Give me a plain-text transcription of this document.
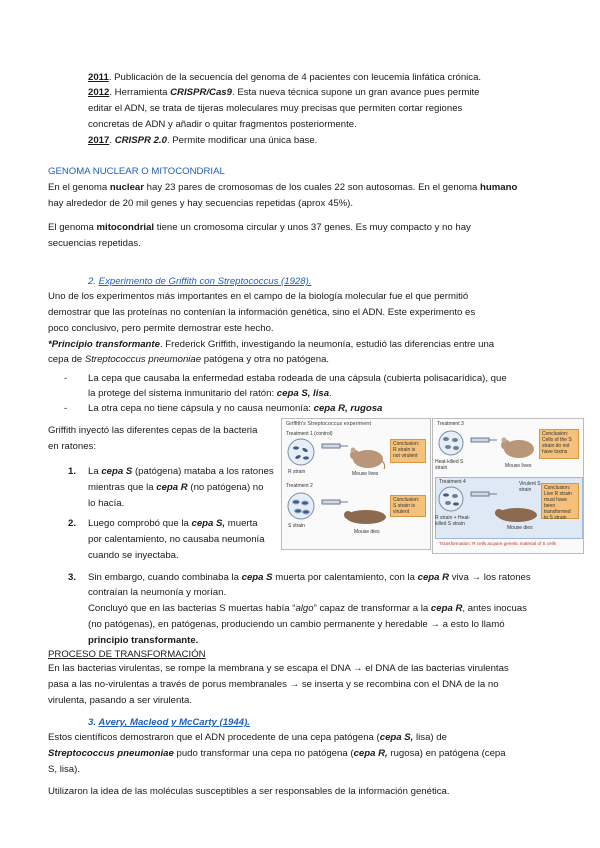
2011. Publicación de la secuencia del genoma de 4 pacientes con leucemia linfática crónica.

2012. Herramienta CRISPR/Cas9. Esta nueva técnica supone un gran avance pues permite

editar el ADN, se trata de tijeras moleculares muy precisas que permiten cortar regiones

concretas de ADN y añadir o quitar fragmentos posteriormente.

2017. CRISPR 2.0. Permite modificar una única base.

GENOMA NUCLEAR O MITOCONDRIAL

En el genoma nuclear hay 23 pares de cromosomas de los cuales 22 son autosomas. En el genoma humano

hay alrededor de 20 mil genes y hay secuencias repetidas (aprox 45%).

El genoma mitocondrial tiene un cromosoma circular y unos 37 genes. Es muy compacto y no hay

secuencias repetidas.

2. Experimento de Griffith con Streptococcus (1928).

Uno de los experimentos más importantes en el campo de la biología molecular fue el que permitió

demostrar que las proteínas no contenían la información genética, sino el ADN. Este experimento es

poco conclusivo, pero permite demostrar este hecho.

*Principio transformante. Frederick Griffith, investigando la neumonía, estudió las diferencias entre una

cepa de Streptococcus pneumoniae patógena y otra no patógena.

- La cepa que causaba la enfermedad estaba rodeada de una cápsula (cubierta polisacarídica), que

la protege del sistema inmunitario del ratón: cepa S, lisa.

- La otra cepa no tiene cápsula y no causa neumonía: cepa R, rugosa

Griffith inyectó las diferentes cepas de la bacteria

en ratones:

1. La cepa S (patógena) mataba a los ratones

mientras que la cepa R (no patógena) no

lo hacía.

2. Luego comprobó que la cepa S, muerta

por calentamiento, no causaba neumonía

cuando se inyectaba.

Griffith's Streptococcus experiment
Treatment 1 (control)
R strain	Mouse lives
Conclusion: R strain is not virulent
Treatment 2
S strain
Mouse dies
Conclusion: S strain is virulent
Treatment 3
Heat-killed S strain	Mouse lives
Conclusion: Cells of the S strain do not have toxins
Treatment 4
R strain + Heat-killed S strain
Mouse dies
Virulent S strain	Conclusion: Live R strain must have been transformed to S strain
Transformation: R cells acquire genetic material of S cells
3. Sin embargo, cuando combinaba la cepa S muerta por calentamiento, con la cepa R viva → los ratones

contraían la neumonía y morían.

Concluyó que en las bacterias S muertas había “algo” capaz de transformar a la cepa R, antes inocuas

(no patógenas), en patógenas, produciendo un cambio permanente y heredable → a esto lo llamó

principio transformante.

PROCESO DE TRANSFORMACIÓN

En las bacterias virulentas, se rompe la membrana y se escapa el DNA → el DNA de las bacterias virulentas

pasa a las no-virulentas a través de porus membranales → se inserta y se recombina con el DNA de la no

virulenta, pasando a ser virulenta.

3. Avery, Macleod y McCarty (1944).

Estos científicos demostraron que el ADN procedente de una cepa patógena (cepa S, lisa) de

Streptococcus pneumoniae pudo transformar una cepa no patógena (cepa R, rugosa) en patógena (cepa

S, lisa).

Utilizaron la idea de las moléculas susceptibles a ser responsables de la información genética.
